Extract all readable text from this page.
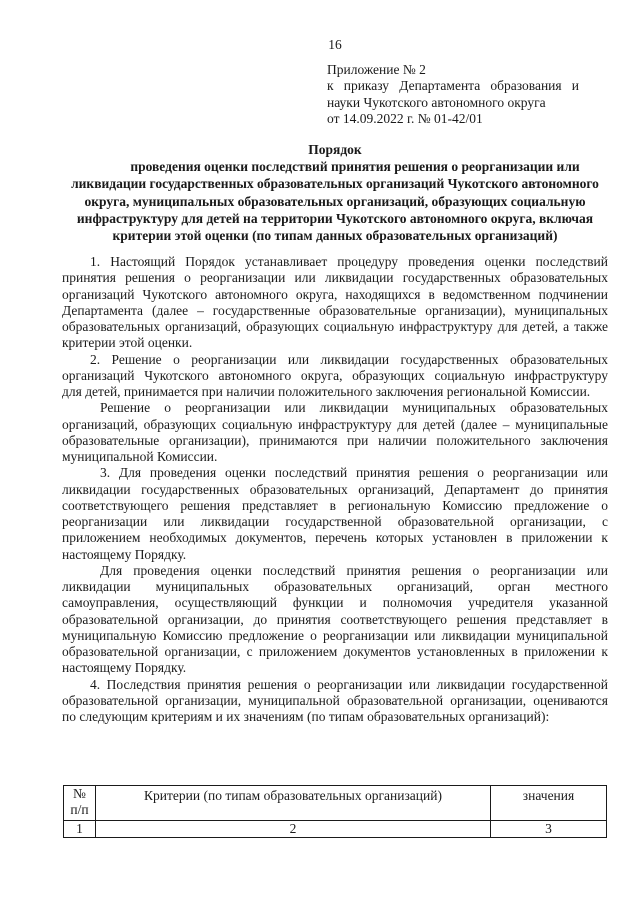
16
Приложение № 2
к приказу Департамента образования и
науки Чукотского автономного округа
от 14.09.2022 г. № 01-42/01
Порядок
проведения оценки последствий принятия решения о реорганизации или
ликвидации государственных образовательных организаций Чукотского автономного
округа, муниципальных образовательных организаций, образующих социальную
инфраструктуру для детей на территории Чукотского автономного округа, включая
критерии этой оценки (по типам данных образовательных организаций)
1. Настоящий Порядок устанавливает процедуру проведения оценки последствий
принятия решения о реорганизации или ликвидации государственных образовательных
организаций Чукотского автономного округа, находящихся в ведомственном подчинении
Департамента (далее – государственные образовательные организации), муниципальных
образовательных организаций, образующих социальную инфраструктуру для детей, а также
критерии этой оценки.
2. Решение о реорганизации или ликвидации государственных образовательных
организаций Чукотского автономного округа, образующих социальную инфраструктуру
для детей, принимается при наличии положительного заключения региональной Комиссии.
Решение о реорганизации или ликвидации муниципальных образовательных
организаций, образующих социальную инфраструктуру для детей (далее – муниципальные
образовательные организации), принимаются при наличии положительного заключения
муниципальной Комиссии.
3. Для проведения оценки последствий принятия решения о реорганизации или
ликвидации государственных образовательных организаций, Департамент до принятия
соответствующего решения представляет в региональную Комиссию предложение о
реорганизации или ликвидации государственной образовательной организации, с
приложением необходимых документов, перечень которых установлен в приложении к
настоящему Порядку.
Для проведения оценки последствий принятия решения о реорганизации или
ликвидации муниципальных образовательных организаций, орган местного
самоуправления, осуществляющий функции и полномочия учредителя указанной
образовательной организации, до принятия соответствующего решения представляет в
муниципальную Комиссию предложение о реорганизации или ликвидации муниципальной
образовательной организации, с приложением документов установленных в приложении к
настоящему Порядку.
4. Последствия принятия решения о реорганизации или ликвидации государственной
образовательной организации, муниципальной образовательной организации, оцениваются
по следующим критериям и их значениям (по типам образовательных организаций):
№
п/п	Критерии (по типам образовательных организаций)	значения
1	2	3
